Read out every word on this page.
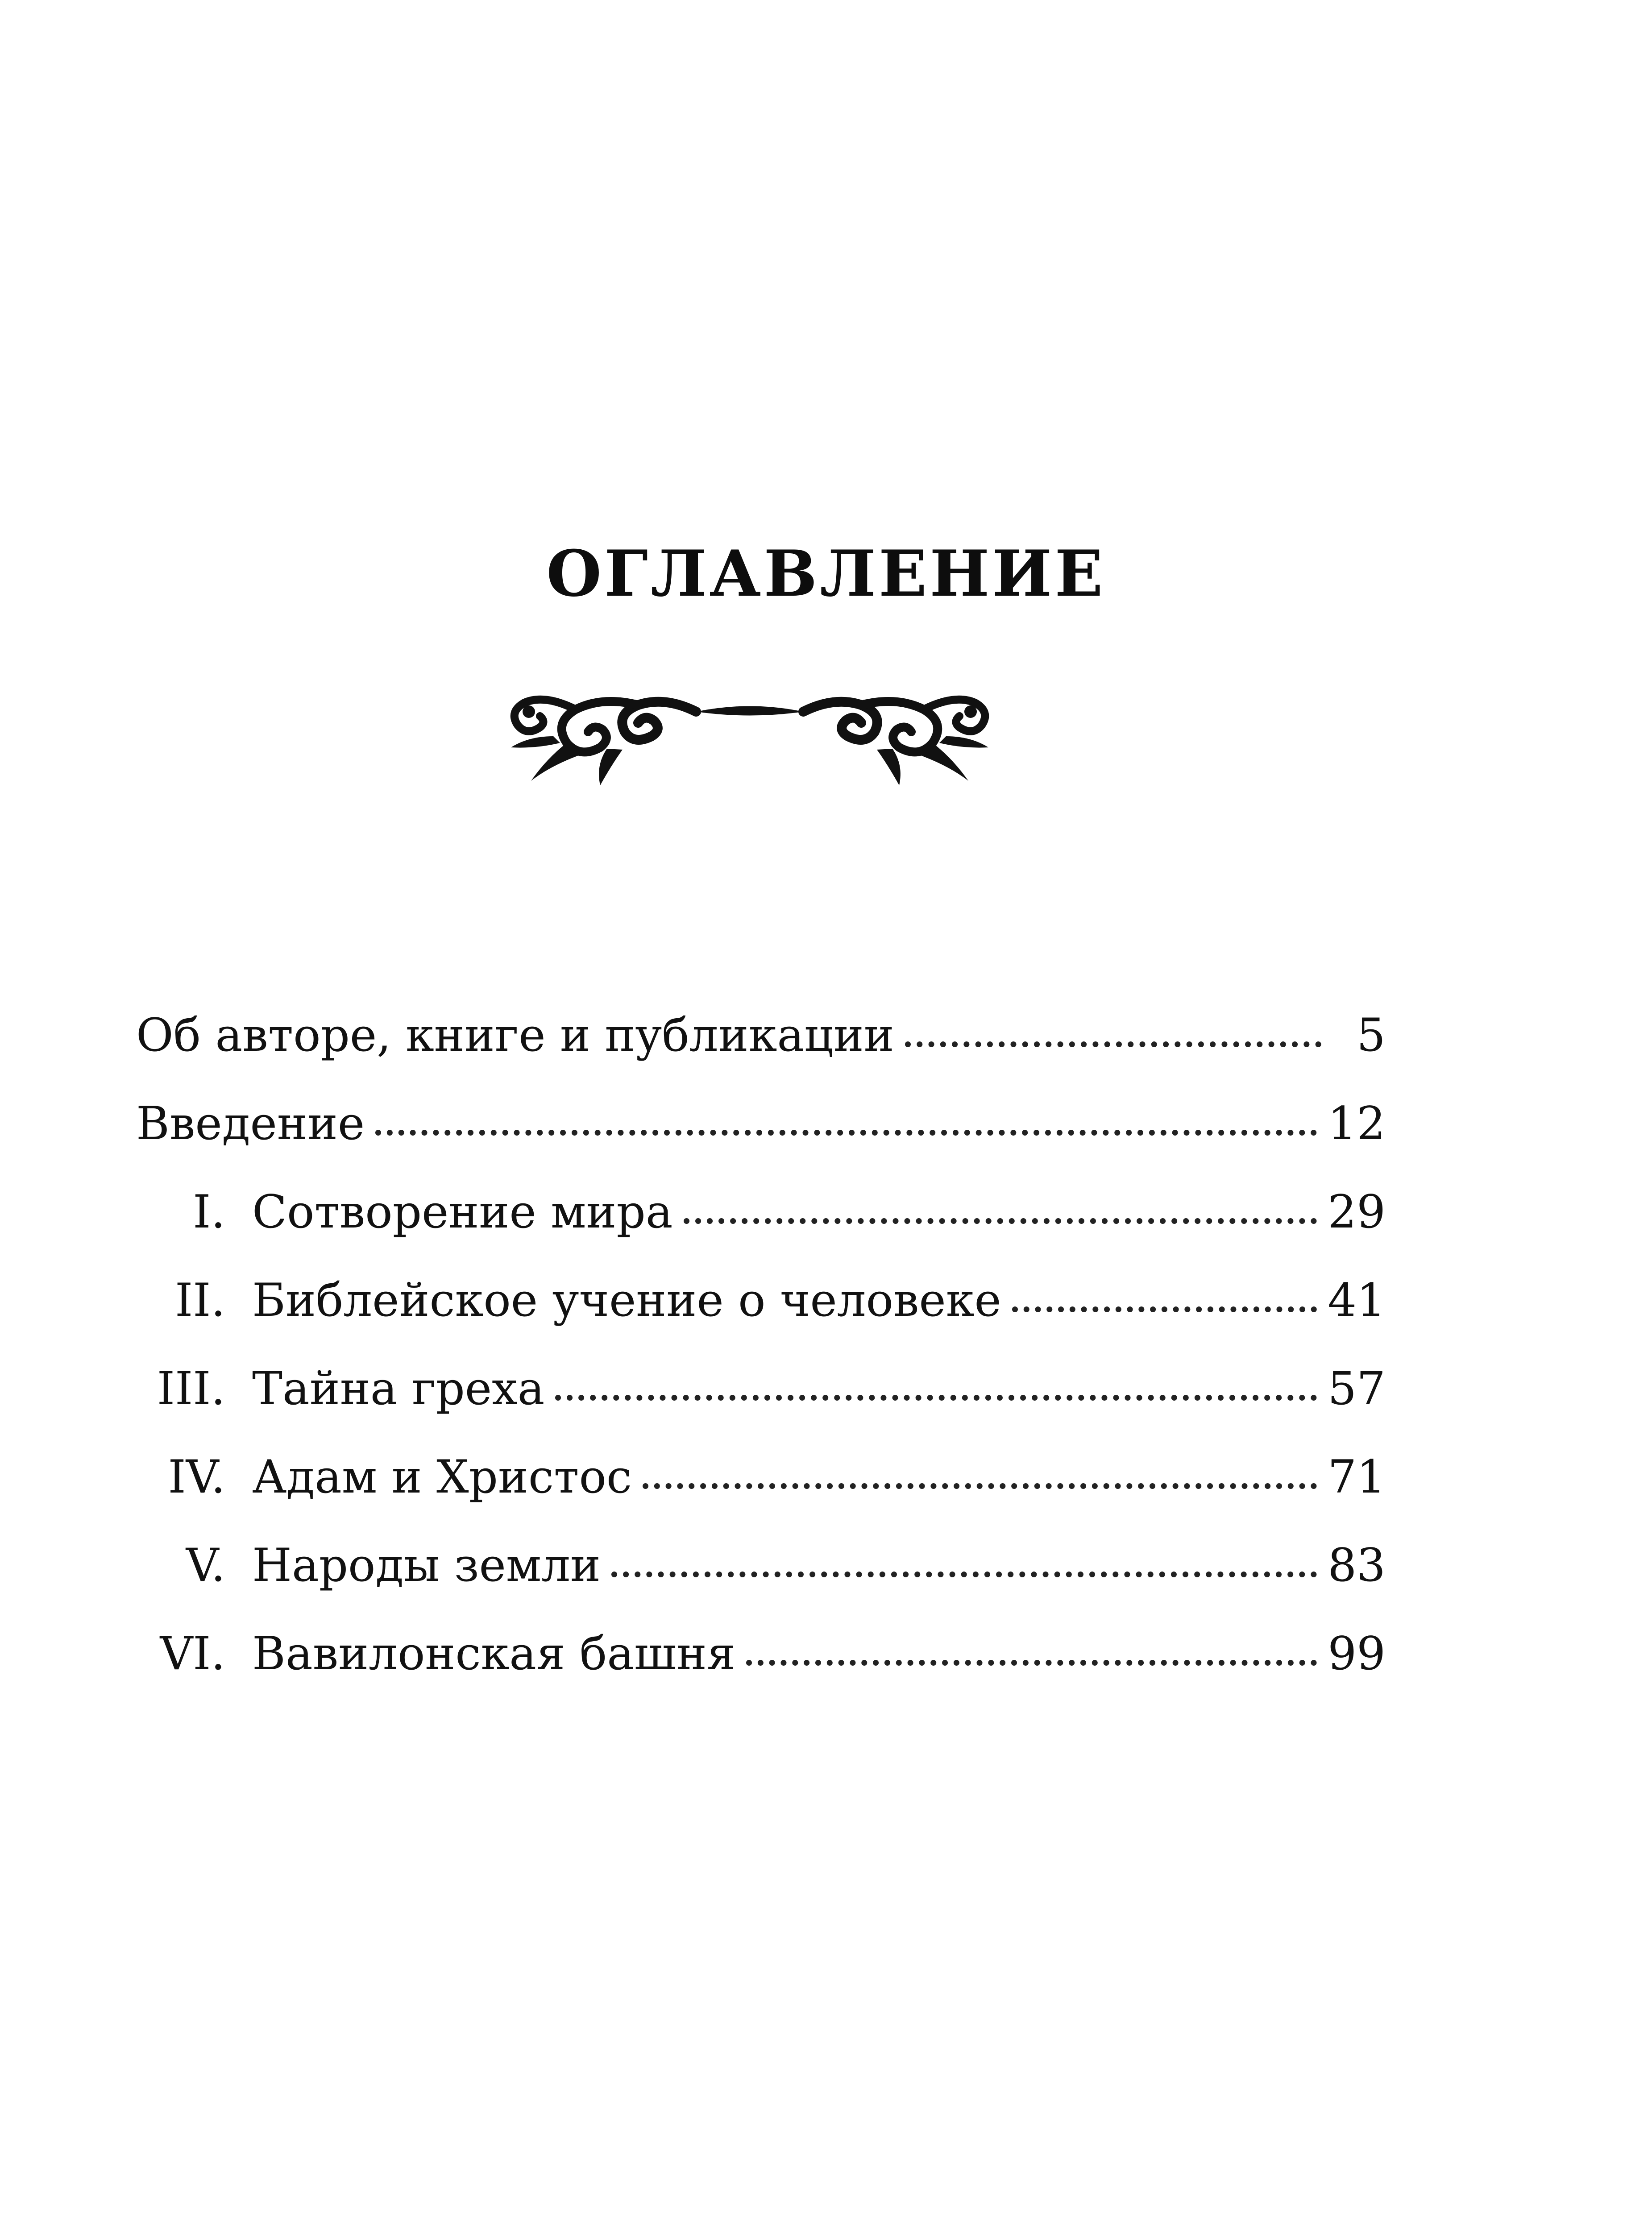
ОГЛАВЛЕНИЕ
Об авторе, книге и публикации	5
Введение	12
I. Сотворение мира	29
II. Библейское учение о человеке	41
III. Тайна греха	57
IV. Адам и Христос	71
V. Народы земли	83
VI. Вавилонская башня	99
